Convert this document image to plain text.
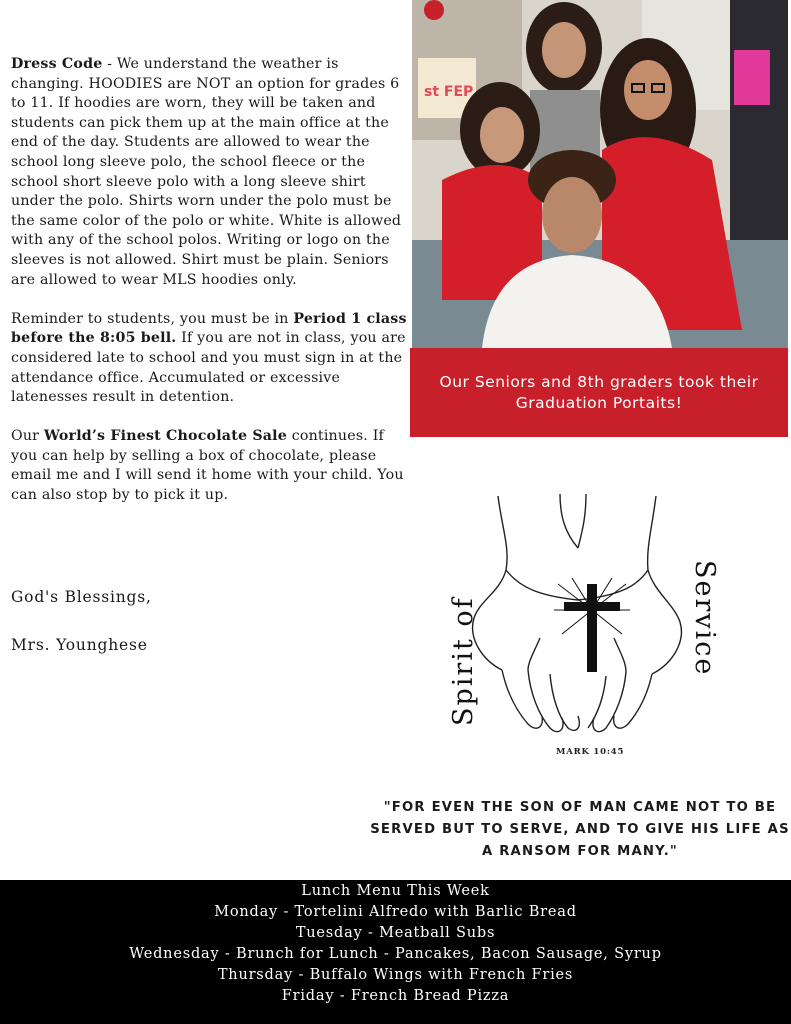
Dress Code - We understand the weather is changing. HOODIES are NOT an option for grades 6 to 11. If hoodies are worn, they will be taken and students can pick them up at the main office at the end of the day. Students are allowed to wear the school long sleeve polo, the school fleece or the school short sleeve polo with a long sleeve shirt under the polo. Shirts worn under the polo must be the same color of the polo or white. White is allowed with any of the school polos. Writing or logo on the sleeves is not allowed. Shirt must be plain. Seniors are allowed to wear MLS hoodies only.

Reminder to students, you must be in Period 1 class before the 8:05 bell. If you are not in class, you are considered late to school and you must sign in at the attendance office. Accumulated or excessive latenesses result in detention.

Our World’s Finest Chocolate Sale continues. If you can help by selling a box of chocolate, please email me and I will send it home with your child. You can also stop by to pick it up.

God's Blessings,
Mrs. Younghese
st FEP
Our Seniors and 8th graders took their Graduation Portaits!
Spirit of	Service
MARK 10:45
"FOR EVEN THE SON OF MAN CAME NOT TO BE SERVED BUT TO SERVE, AND TO GIVE HIS LIFE AS A RANSOM FOR MANY."
Lunch Menu This Week
Monday - Tortelini Alfredo with Barlic Bread
Tuesday - Meatball Subs
Wednesday - Brunch for Lunch - Pancakes, Bacon Sausage, Syrup
Thursday - Buffalo Wings with French Fries
Friday - French Bread Pizza
